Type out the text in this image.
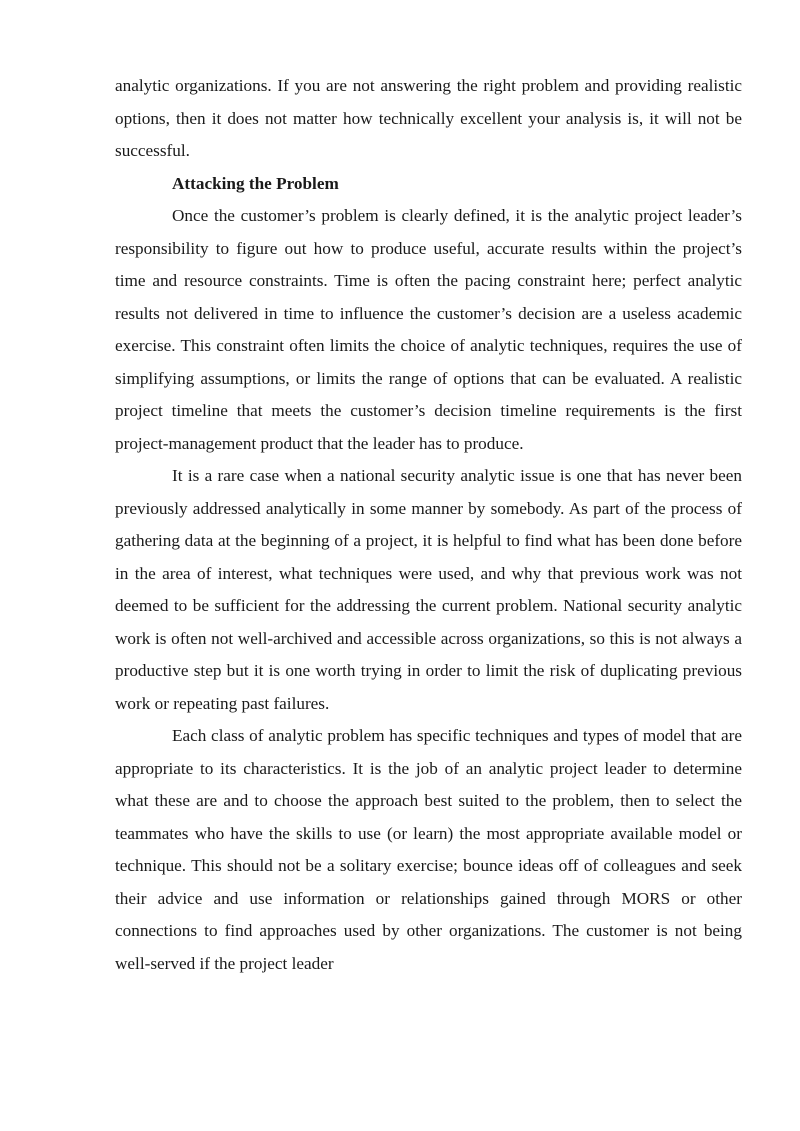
analytic organizations. If you are not answering the right problem and providing realistic options, then it does not matter how technically excellent your analysis is, it will not be successful.

Attacking the Problem

Once the customer’s problem is clearly defined, it is the analytic project leader’s responsibility to figure out how to produce useful, accurate results within the project’s time and resource constraints. Time is often the pacing constraint here; perfect analytic results not delivered in time to influence the customer’s decision are a useless academic exercise. This constraint often limits the choice of analytic techniques, requires the use of simplifying assumptions, or limits the range of options that can be evaluated. A realistic project timeline that meets the customer’s decision timeline requirements is the first project-management product that the leader has to produce.

It is a rare case when a national security analytic issue is one that has never been previously addressed analytically in some manner by somebody. As part of the process of gathering data at the beginning of a project, it is helpful to find what has been done before in the area of interest, what techniques were used, and why that previous work was not deemed to be sufficient for the addressing the current problem. National security analytic work is often not well-archived and accessible across organizations, so this is not always a productive step but it is one worth trying in order to limit the risk of duplicating previous work or repeating past failures.

Each class of analytic problem has specific techniques and types of model that are appropriate to its characteristics. It is the job of an analytic project leader to determine what these are and to choose the approach best suited to the problem, then to select the teammates who have the skills to use (or learn) the most appropriate available model or technique. This should not be a solitary exercise; bounce ideas off of colleagues and seek their advice and use information or relationships gained through MORS or other connections to find approaches used by other organizations. The customer is not being well-served if the project leader
